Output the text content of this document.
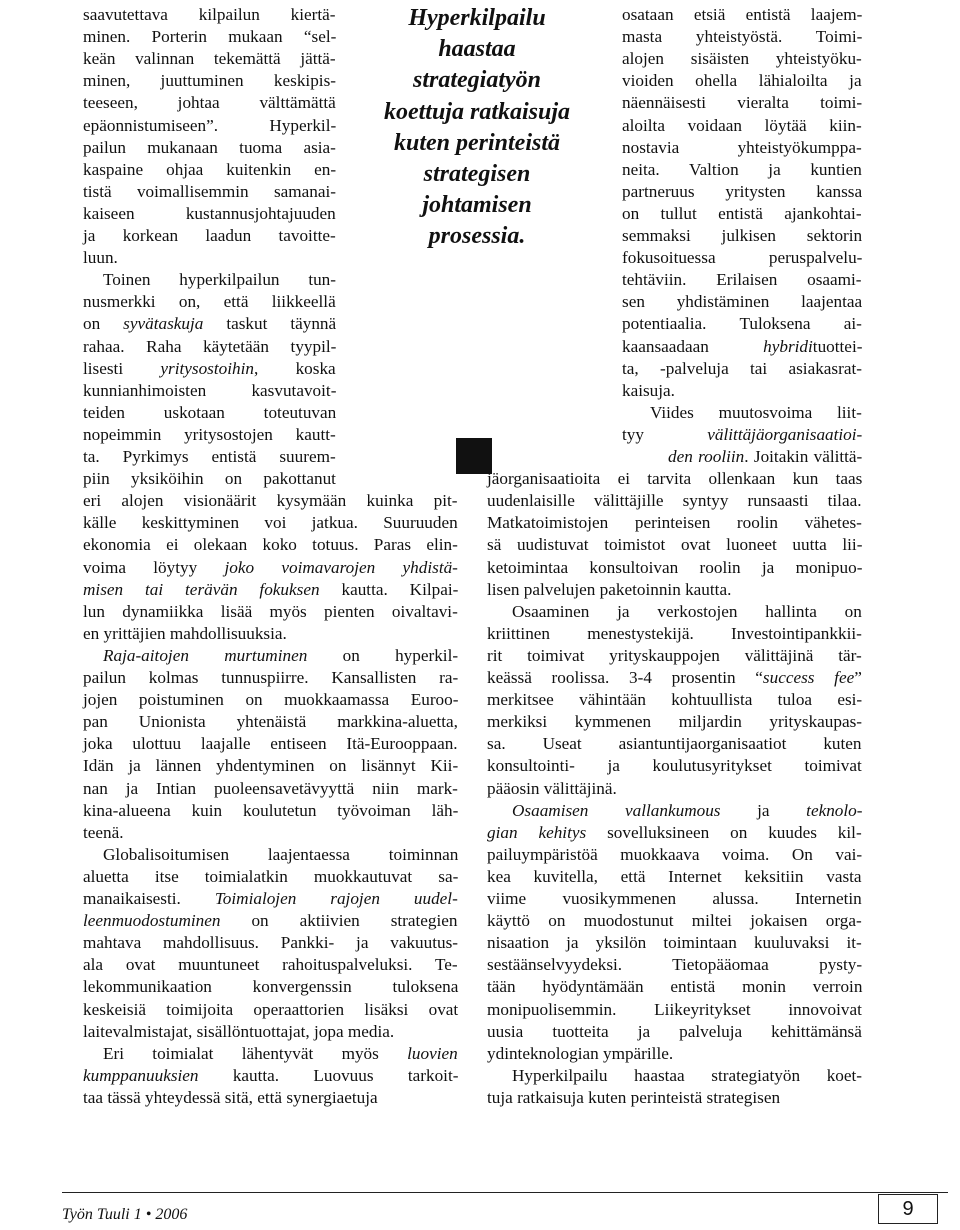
Työn Tuuli 1 • 2006	9
Hyperkilpailu
haastaa
strategiatyön
koettuja ratkaisuja
kuten perinteistä
strategisen
johtamisen
prosessia.
saavutettava kilpailun kiertä-
minen. Porterin mukaan “sel-
keän valinnan tekemättä jättä-
minen, juuttuminen keskipis-
teeseen, johtaa välttämättä
epäonnistumiseen”. Hyperkil-
pailun mukanaan tuoma asia-
kaspaine ohjaa kuitenkin en-
tistä voimallisemmin samanai-
kaiseen kustannusjohtajuuden
ja korkean laadun tavoitte-
luun.
Toinen hyperkilpailun tun-
nusmerkki on, että liikkeellä
on syvätaskuja taskut täynnä
rahaa. Raha käytetään tyypil-
lisesti yritysostoihin, koska
kunnianhimoisten kasvutavoit-
teiden uskotaan toteutuvan
nopeimmin yritysostojen kautt-
ta. Pyrkimys entistä suurem-
piin yksiköihin on pakottanut
eri alojen visionäärit kysymään kuinka pit-
källe keskittyminen voi jatkua. Suuruuden
ekonomia ei olekaan koko totuus. Paras elin-
voima löytyy joko voimavarojen yhdistä-
misen tai terävän fokuksen kautta. Kilpai-
lun dynamiikka lisää myös pienten oivaltavi-
en yrittäjien mahdollisuuksia.
Raja-aitojen murtuminen on hyperkil-
pailun kolmas tunnuspiirre. Kansallisten ra-
jojen poistuminen on muokkaamassa Euroo-
pan Unionista yhtenäistä markkina-aluetta,
joka ulottuu laajalle entiseen Itä-Eurooppaan.
Idän ja lännen yhdentyminen on lisännyt Kii-
nan ja Intian puoleensavetävyyttä niin mark-
kina-alueena kuin koulutetun työvoiman läh-
teenä.
Globalisoitumisen laajentaessa toiminnan
aluetta itse toimialatkin muokkautuvat sa-
manaikaisesti. Toimialojen rajojen uudel-
leenmuodostuminen on aktiivien strategien
mahtava mahdollisuus. Pankki- ja vakuutus-
ala ovat muuntuneet rahoituspalveluksi. Te-
lekommunikaation konvergenssin tuloksena
keskeisiä toimijoita operaattorien lisäksi ovat
laitevalmistajat, sisällöntuottajat, jopa media.
Eri toimialat lähentyvät myös luovien
kumppanuuksien kautta. Luovuus tarkoit-
taa tässä yhteydessä sitä, että synergiaetuja
osataan etsiä entistä laajem-
masta yhteistyöstä. Toimi-
alojen sisäisten yhteistyöku-
vioiden ohella lähialoilta ja
näennäisesti vieralta toimi-
aloilta voidaan löytää kiin-
nostavia yhteistyökumppa-
neita. Valtion ja kuntien
partneruus yritysten kanssa
on tullut entistä ajankohtai-
semmaksi julkisen sektorin
fokusoituessa peruspalvelu-
tehtäviin. Erilaisen osaami-
sen yhdistäminen laajentaa
potentiaalia. Tuloksena ai-
kaansaadaan hybridituottei-
ta, -palveluja tai asiakasrat-
kaisuja.
Viides muutosvoima liit-
tyy välittäjäorganisaatioi-
den rooliin. Joitakin välittä-
jäorganisaatioita ei tarvita ollenkaan kun taas
uudenlaisille välittäjille syntyy runsaasti tilaa.
Matkatoimistojen perinteisen roolin vähetes-
sä uudistuvat toimistot ovat luoneet uutta lii-
ketoimintaa konsultoivan roolin ja monipuo-
lisen palvelujen paketoinnin kautta.
Osaaminen ja verkostojen hallinta on
kriittinen menestystekijä. Investointipankkii-
rit toimivat yrityskauppojen välittäjinä tär-
keässä roolissa. 3-4 prosentin “success fee”
merkitsee vähintään kohtuullista tuloa esi-
merkiksi kymmenen miljardin yrityskaupas-
sa. Useat asiantuntijaorganisaatiot kuten
konsultointi- ja koulutusyritykset toimivat
pääosin välittäjinä.
Osaamisen vallankumous ja teknolo-
gian kehitys sovelluksineen on kuudes kil-
pailuympäristöä muokkaava voima. On vai-
kea kuvitella, että Internet keksitiin vasta
viime vuosikymmenen alussa. Internetin
käyttö on muodostunut miltei jokaisen orga-
nisaation ja yksilön toimintaan kuuluvaksi it-
sestäänselvyydeksi. Tietopääomaa pysty-
tään hyödyntämään entistä monin verroin
monipuolisemmin. Liikeyritykset innovoivat
uusia tuotteita ja palveluja kehittämänsä
ydinteknologian ympärille.
Hyperkilpailu haastaa strategiatyön koet-
tuja ratkaisuja kuten perinteistä strategisen
